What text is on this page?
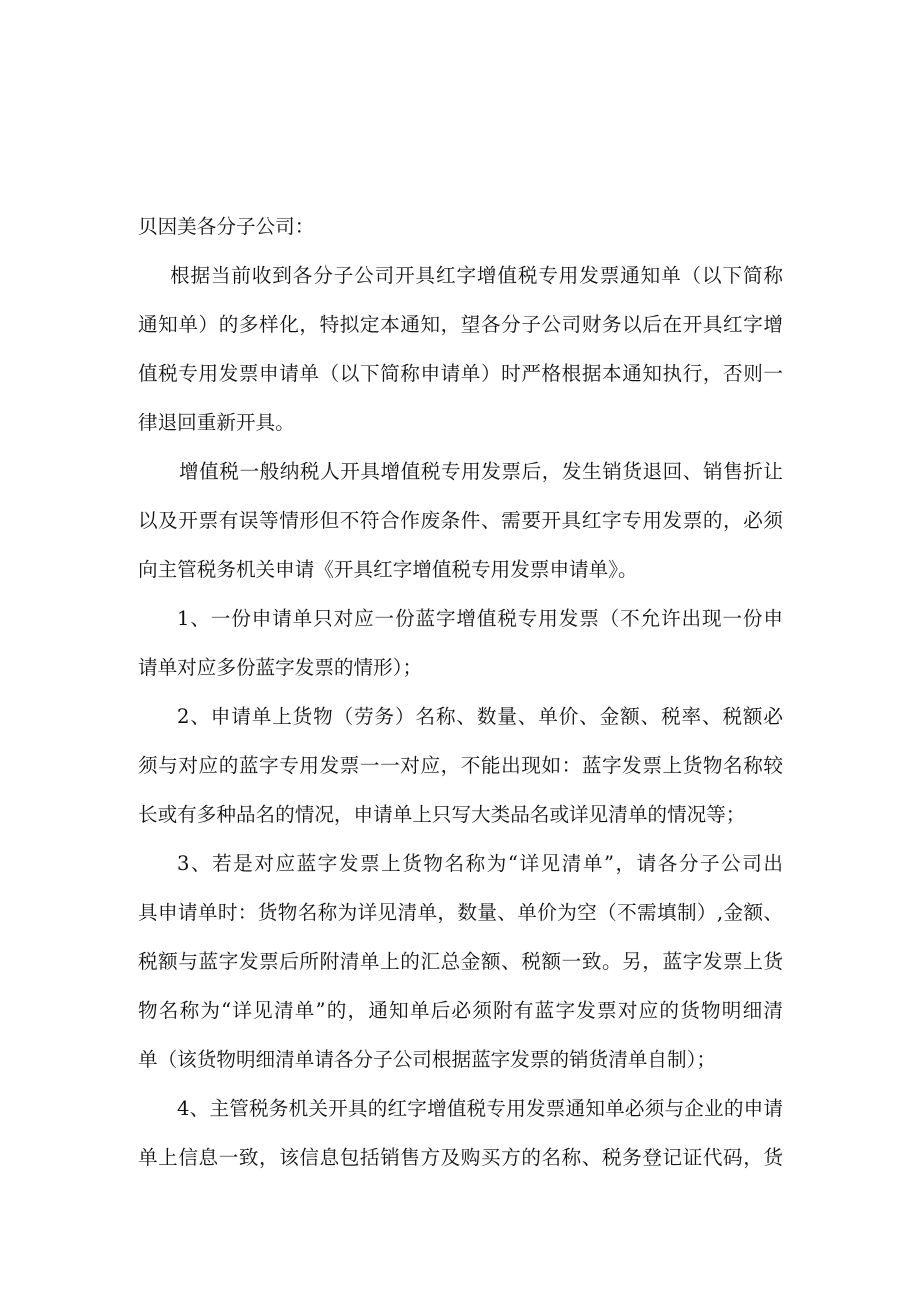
贝因美各分子公司：
根据当前收到各分子公司开具红字增值税专用发票通知单（以下简称
通知单）的多样化，特拟定本通知，望各分子公司财务以后在开具红字增
值税专用发票申请单（以下简称申请单）时严格根据本通知执行，否则一
律退回重新开具。
增值税一般纳税人开具增值税专用发票后，发生销货退回、销售折让
以及开票有误等情形但不符合作废条件、需要开具红字专用发票的，必须
向主管税务机关申请《开具红字增值税专用发票申请单》。
1、一份申请单只对应一份蓝字增值税专用发票（不允许出现一份申
请单对应多份蓝字发票的情形）；
2、申请单上货物（劳务）名称、数量、单价、金额、税率、税额必
须与对应的蓝字专用发票一一对应，不能出现如：蓝字发票上货物名称较
长或有多种品名的情况，申请单上只写大类品名或详见清单的情况等；
3、若是对应蓝字发票上货物名称为“详见清单”，请各分子公司出
具申请单时：货物名称为详见清单，数量、单价为空（不需填制）,金额、
税额与蓝字发票后所附清单上的汇总金额、税额一致。另，蓝字发票上货
物名称为“详见清单”的，通知单后必须附有蓝字发票对应的货物明细清
单（该货物明细清单请各分子公司根据蓝字发票的销货清单自制）；
4、主管税务机关开具的红字增值税专用发票通知单必须与企业的申请
单上信息一致，该信息包括销售方及购买方的名称、税务登记证代码，货
